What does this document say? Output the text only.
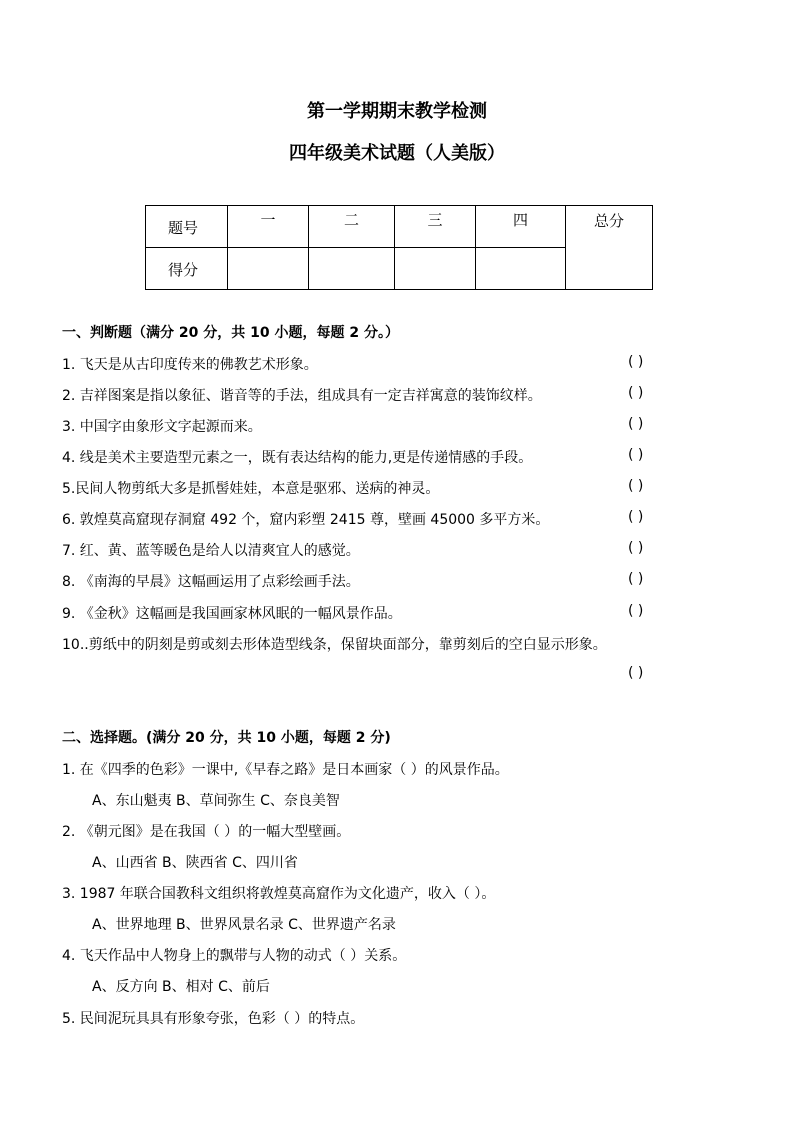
第一学期期末教学检测
四年级美术试题（人美版）
题号	一	二	三	四	总分

得分					

一、判断题（满分 20 分，共 10 小题，每题 2 分。）
1. 飞天是从古印度传来的佛教艺术形象。	( )
2. 吉祥图案是指以象征、谐音等的手法，组成具有一定吉祥寓意的装饰纹样。	( )
3. 中国字由象形文字起源而来。	( )
4. 线是美术主要造型元素之一，既有表达结构的能力,更是传递情感的手段。	( )
5.民间人物剪纸大多是抓髻娃娃，本意是驱邪、送病的神灵。	( )
6. 敦煌莫高窟现存洞窟 492 个，窟内彩塑 2415 尊，壁画 45000 多平方米。	( )
7. 红、黄、蓝等暖色是给人以清爽宜人的感觉。	( )
8. 《南海的早晨》这幅画运用了点彩绘画手法。	( )
9. 《金秋》这幅画是我国画家林风眠的一幅风景作品。	( )
10..剪纸中的阴刻是剪或刻去形体造型线条，保留块面部分，靠剪刻后的空白显示形象。
( )
二、选择题。(满分 20 分，共 10 小题，每题 2 分)
1. 在《四季的色彩》一课中,《早春之路》是日本画家（ ）的风景作品。
A、东山魁夷 B、草间弥生 C、奈良美智
2. 《朝元图》是在我国（ ）的一幅大型壁画。
A、山西省 B、陕西省 C、四川省
3. 1987 年联合国教科文组织将敦煌莫高窟作为文化遗产，收入（ ）。
A、世界地理 B、世界风景名录 C、世界遗产名录
4. 飞天作品中人物身上的飘带与人物的动式（ ）关系。
A、反方向 B、相对 C、前后
5. 民间泥玩具具有形象夸张，色彩（ ）的特点。
